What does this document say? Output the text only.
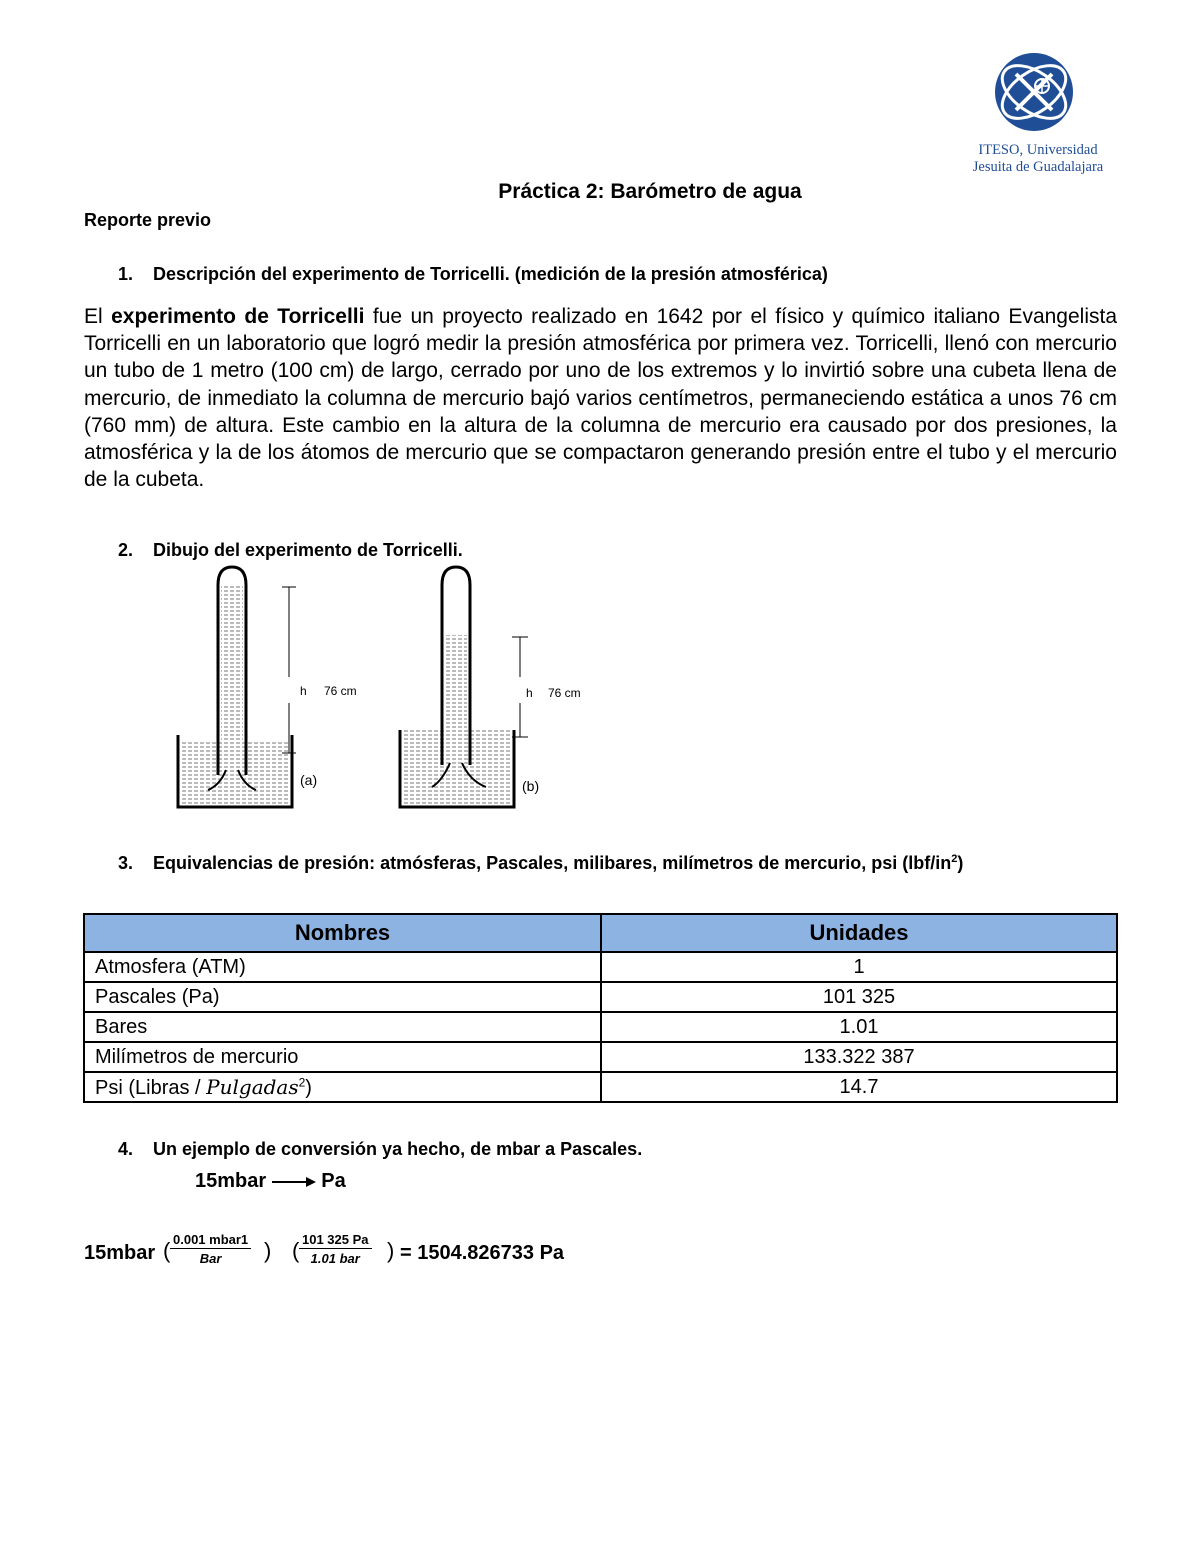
ITESO, Universidad
Jesuita de Guadalajara
Práctica 2: Barómetro de agua
Reporte previo
1. Descripción del experimento de Torricelli. (medición de la presión atmosférica)
El experimento de Torricelli fue un proyecto realizado en 1642 por el físico y químico italiano Evangelista Torricelli en un laboratorio que logró medir la presión atmosférica por primera vez. Torricelli, llenó con mercurio un tubo de 1 metro (100 cm) de largo, cerrado por uno de los extremos y lo invirtió sobre una cubeta llena de mercurio, de inmediato la columna de mercurio bajó varios centímetros, permaneciendo estática a unos 76 cm (760 mm) de altura. Este cambio en la altura de la columna de mercurio era causado por dos presiones, la atmosférica y la de los átomos de mercurio que se compactaron generando presión entre el tubo y el mercurio de la cubeta.
2. Dibujo del experimento de Torricelli.
h 76 cm
(a)
h 76 cm
(b)
3. Equivalencias de presión: atmósferas, Pascales, milibares, milímetros de mercurio, psi $(lbf/in^2)$
Nombres	Unidades
Atmosfera (ATM)	1
Pascales (Pa)	101 325
Bares	1.01
Milímetros de mercurio	133.322 387
Psi (Libras / Pulgadas$^2$)	14.7
4. Un ejemplo de conversión ya hecho, de mbar a Pascales.
15mbar	Pa
15mbar ( 0.001 mbar1
Bar	) ( 101 325 Pa
1.01 bar	) = 1504.826733 Pa
